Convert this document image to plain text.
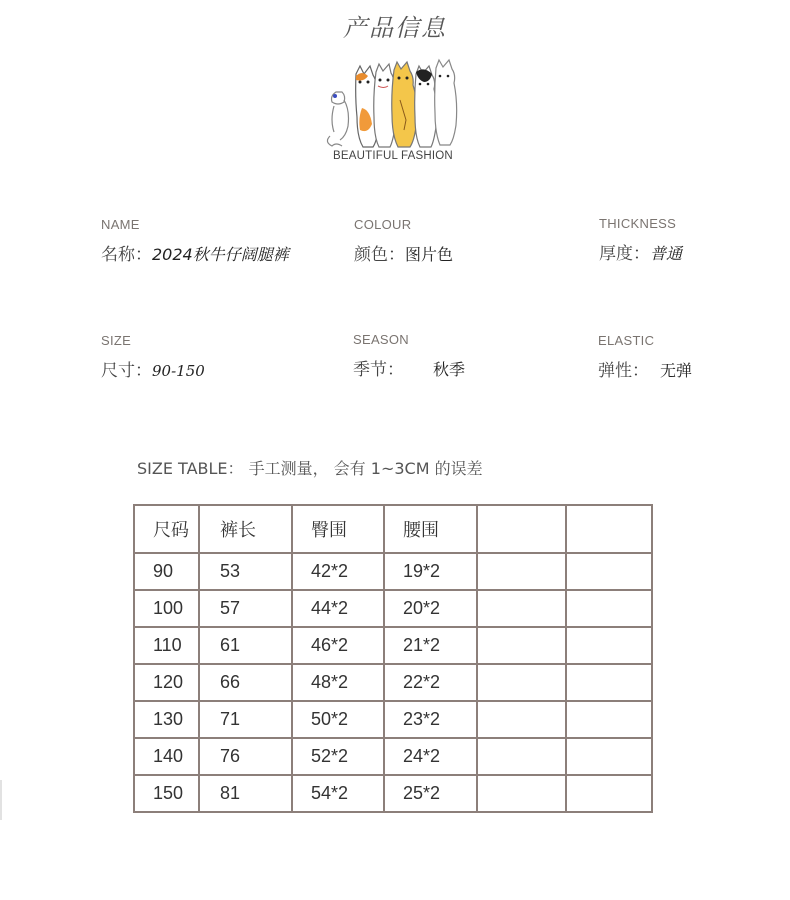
产品信息
BEAUTIFUL FASHION
NAME
名称：2024秋牛仔阔腿裤
COLOUR
颜色：图片色
THICKNESS
厚度：普通
SIZE
尺寸：90-150
SEASON
季节： 秋季
ELASTIC
弹性： 无弹
SIZE TABLE： 手工测量， 会有 1~3CM 的误差
尺码	裤长	臀围	腰围		

90	53	42*2	19*2		

100	57	44*2	20*2		

110	61	46*2	21*2		

120	66	48*2	22*2		

130	71	50*2	23*2		

140	76	52*2	24*2		

150	81	54*2	25*2		
